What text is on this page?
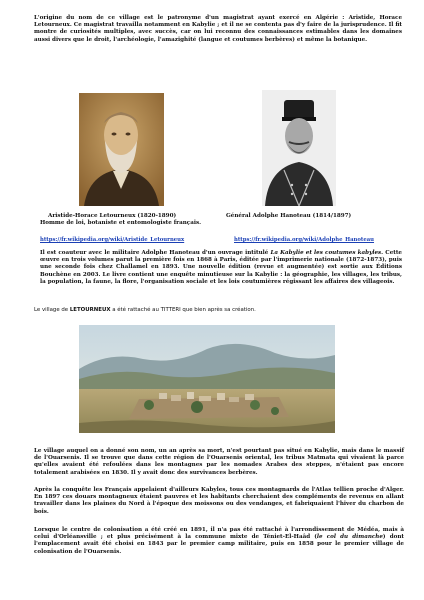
L'origine du nom de ce village est le patronyme d'un magistrat ayant exercé en Algérie : Aristide, Horace Letourneux. Ce magistrat travailla notamment en Kabylie ; et il ne se contenta pas d'y faire de la jurisprudence. Il fit montre de curiosités multiples, avec succès, car on lui reconnu des connaissances estimables dans les domaines aussi divers que le droit, l'archéologie, l'amazighité (langue et coutumes berbères) et même la botanique.

Aristide-Horace Letourneux (1820-1890)

Homme de loi, botaniste et entomologiste français.

Général Adolphe Hanoteau (1814/1897)

https://fr.wikipedia.org/wiki/Aristide_Letourneux	https://fr.wikipedia.org/wiki/Adolphe_Hanoteau

Il est coauteur avec le militaire Adolphe Hanoteau d'un ouvrage intitulé La Kabylie et les coutumes kabyles. Cette œuvre en trois volumes parut la première fois en 1868 à Paris, éditée par l'imprimerie nationale (1872-1873), puis une seconde fois chez Challamel en 1893. Une nouvelle édition (revue et augmentée) est sortie aux Éditions Bouchène en 2003. Le livre contient une enquête minutieuse sur la Kabylie : la géographie, les villages, les tribus, la population, la faune, la flore, l'organisation sociale et les lois coutumières régissant les affaires des villageois.

Le village de LETOURNEUX a été rattaché au TITTERI que bien après sa création.

Le village auquel on a donné son nom, un an après sa mort, n'est pourtant pas situé en Kabylie, mais dans le massif de l'Ouarsenis. Il se trouve que dans cette région de l'Ouarsenis oriental, les tribus Matmata qui vivaient là parce qu'elles avaient été refoulées dans les montagnes par les nomades Arabes des steppes, n'étaient pas encore totalement arabisées en 1830. Il y avait donc des survivances berbères.

Après la conquête les Français appelaient d'ailleurs Kabyles, tous ces montagnards de l'Atlas tellien proche d'Alger. En 1897 ces douars montagneux étaient pauvres et les habitants cherchaient des compléments de revenus en allant travailler dans les plaines du Nord à l'époque des moissons ou des vendanges, et fabriquaient l'hiver du charbon de bois.

Lorsque le centre de colonisation a été créé en 1891, il n'a pas été rattaché à l'arrondissement de Médéa, mais à celui d'Orléansville ; et plus précisément à la commune mixte de Téniet-El-Haâd (le col du dimanche) dont l'emplacement avait été choisi en 1843 par le premier camp militaire, puis en 1858 pour le premier village de colonisation de l'Ouarsenis.
